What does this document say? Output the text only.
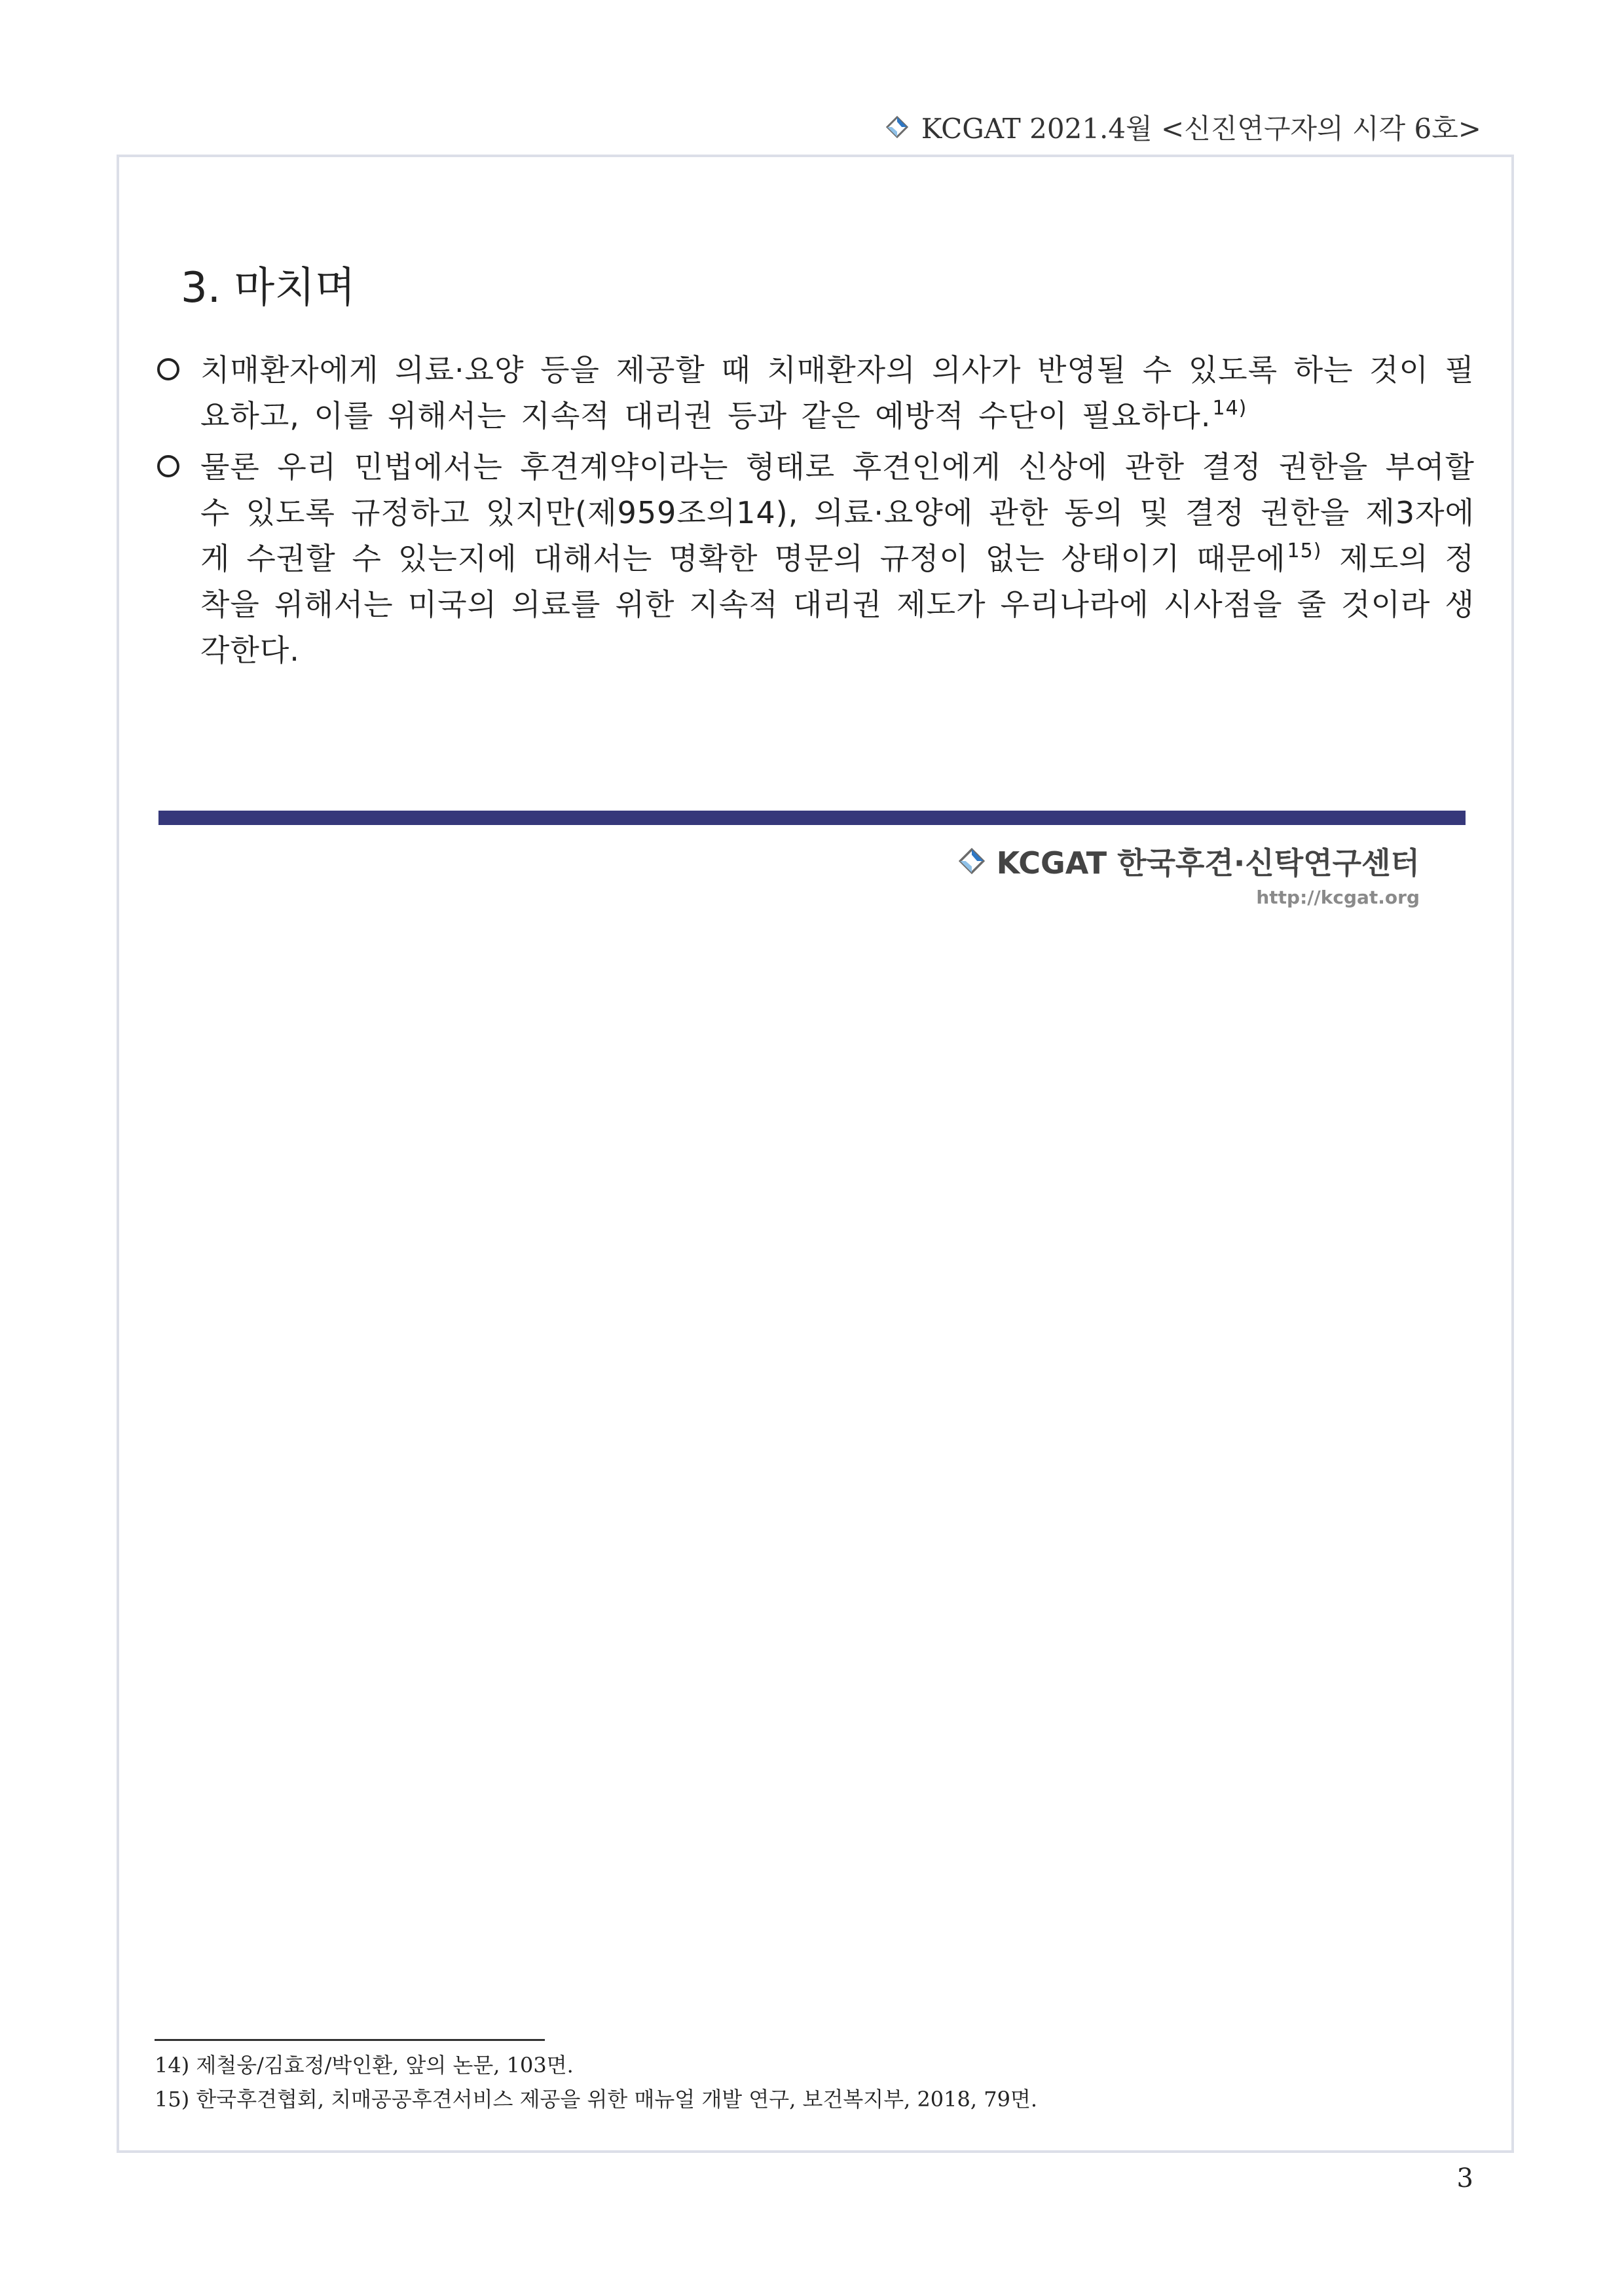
KCGAT 2021.4월 <신진연구자의 시각 6호>
3. 마치며

치매환자에게 의료·요양 등을 제공할 때 치매환자의 의사가 반영될 수 있도록 하는 것이 필요하고, 이를 위해서는 지속적 대리권 등과 같은 예방적 수단이 필요하다.$^{14)}$

물론 우리 민법에서는 후견계약이라는 형태로 후견인에게 신상에 관한 결정 권한을 부여할 수 있도록 규정하고 있지만(제959조의14), 의료·요양에 관한 동의 및 결정 권한을 제3자에게 수권할 수 있는지에 대해서는 명확한 명문의 규정이 없는 상태이기 때문에$^{15)}$ 제도의 정착을 위해서는 미국의 의료를 위한 지속적 대리권 제도가 우리나라에 시사점을 줄 것이라 생각한다.

KCGAT 한국후견·신탁연구센터
http://kcgat.org
14) 제철웅/김효정/박인환, 앞의 논문, 103면.
15) 한국후견협회, 치매공공후견서비스 제공을 위한 매뉴얼 개발 연구, 보건복지부, 2018, 79면.
3
